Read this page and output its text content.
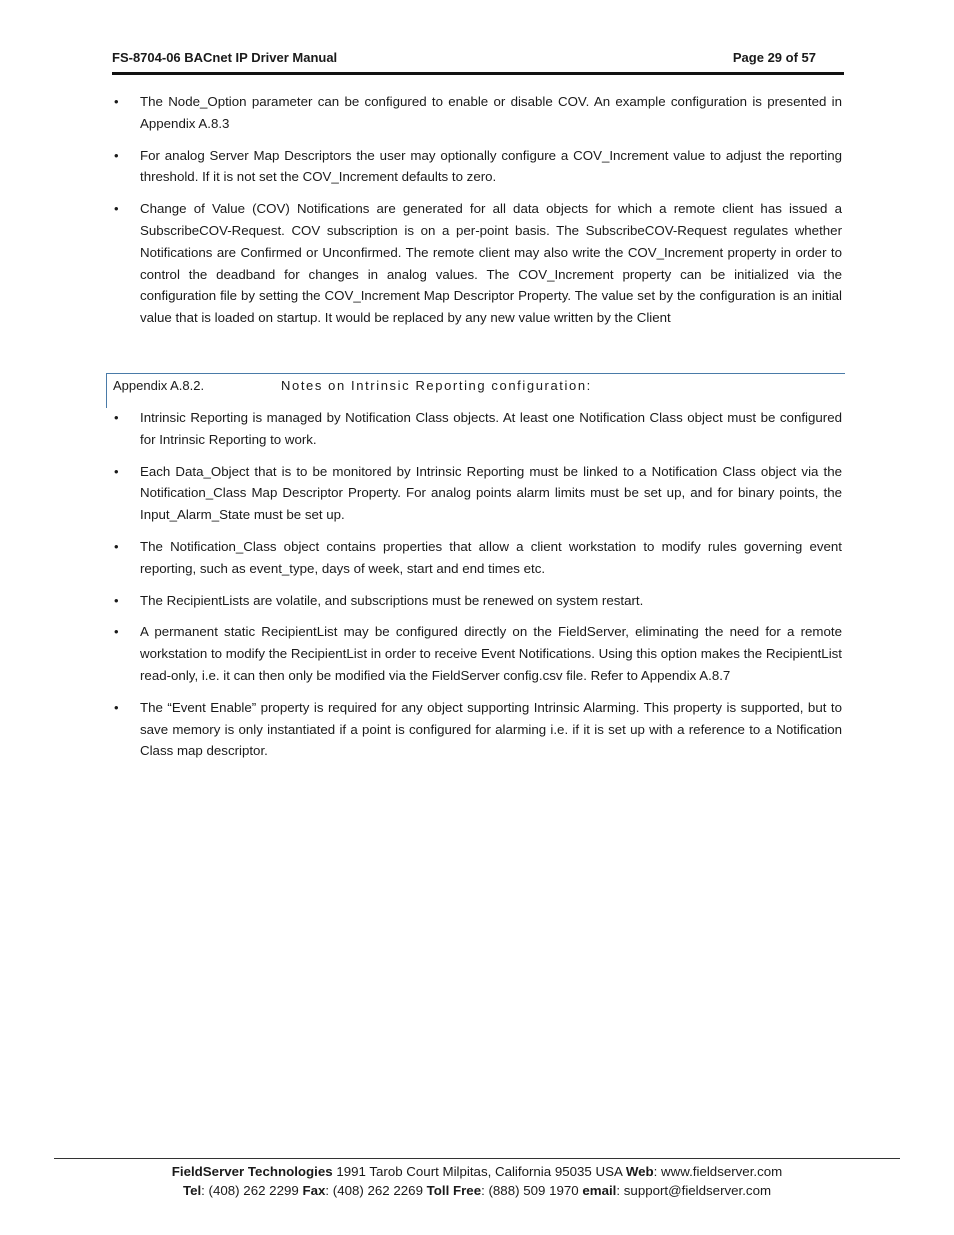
FS-8704-06 BACnet IP Driver Manual	Page 29 of 57
• The Node_Option parameter can be configured to enable or disable COV. An example configuration is presented in Appendix A.8.3
• For analog Server Map Descriptors the user may optionally configure a COV_Increment value to adjust the reporting threshold. If it is not set the COV_Increment defaults to zero.
• Change of Value (COV) Notifications are generated for all data objects for which a remote client has issued a SubscribeCOV-Request. COV subscription is on a per-point basis. The SubscribeCOV-Request regulates whether Notifications are Confirmed or Unconfirmed. The remote client may also write the COV_Increment property in order to control the deadband for changes in analog values. The COV_Increment property can be initialized via the configuration file by setting the COV_Increment Map Descriptor Property. The value set by the configuration is an initial value that is loaded on startup. It would be replaced by any new value written by the Client
Appendix A.8.2.	Notes on Intrinsic Reporting configuration:
• Intrinsic Reporting is managed by Notification Class objects. At least one Notification Class object must be configured for Intrinsic Reporting to work.
• Each Data_Object that is to be monitored by Intrinsic Reporting must be linked to a Notification Class object via the Notification_Class Map Descriptor Property. For analog points alarm limits must be set up, and for binary points, the Input_Alarm_State must be set up.
• The Notification_Class object contains properties that allow a client workstation to modify rules governing event reporting, such as event_type, days of week, start and end times etc.
• The RecipientLists are volatile, and subscriptions must be renewed on system restart.
• A permanent static RecipientList may be configured directly on the FieldServer, eliminating the need for a remote workstation to modify the RecipientList in order to receive Event Notifications. Using this option makes the RecipientList read-only, i.e. it can then only be modified via the FieldServer config.csv file. Refer to Appendix A.8.7
• The “Event Enable” property is required for any object supporting Intrinsic Alarming. This property is supported, but to save memory is only instantiated if a point is configured for alarming i.e. if it is set up with a reference to a Notification Class map descriptor.
FieldServer Technologies 1991 Tarob Court Milpitas, California 95035 USA Web: www.fieldserver.com
Tel: (408) 262 2299 Fax: (408) 262 2269 Toll Free: (888) 509 1970 email: support@fieldserver.com
